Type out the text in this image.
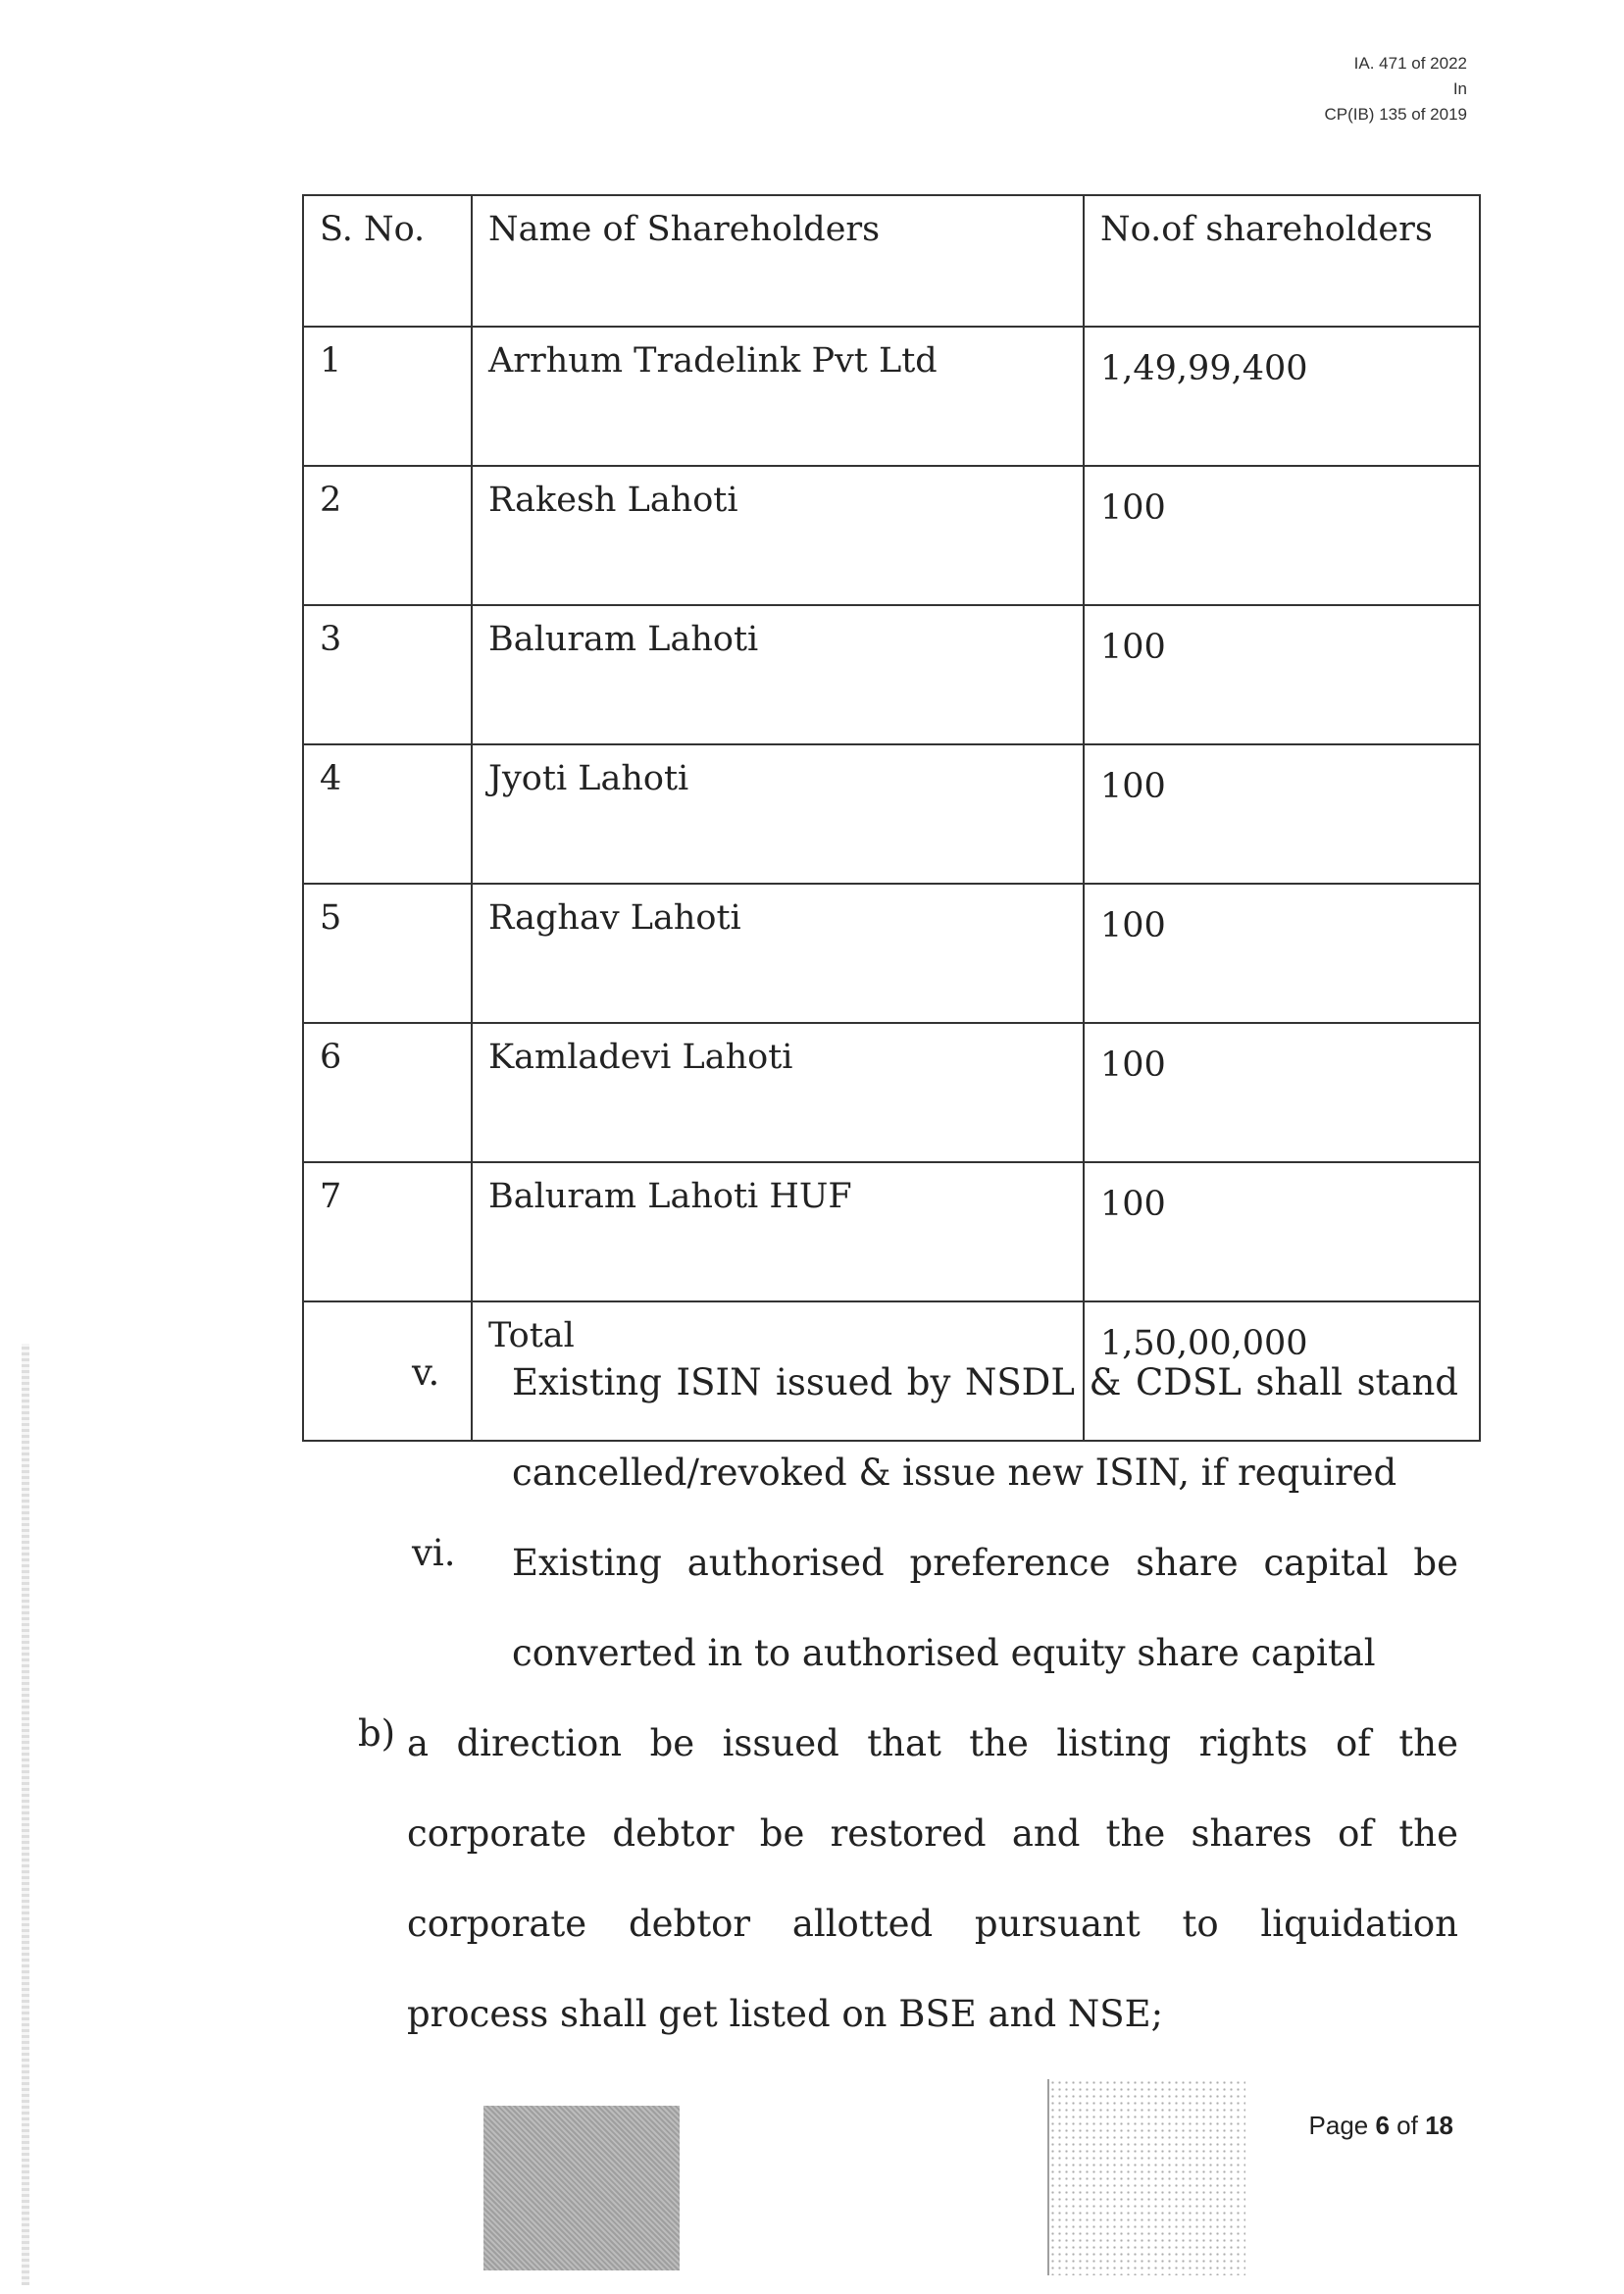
IA. 471 of 2022
In
CP(IB) 135 of 2019
S. No.	Name of Shareholders	No.of shareholders
1	Arrhum Tradelink Pvt Ltd	1,49,99,400
2	Rakesh Lahoti	100
3	Baluram Lahoti	100
4	Jyoti Lahoti	100
5	Raghav Lahoti	100
6	Kamladevi Lahoti	100
7	Baluram Lahoti HUF	100
	Total	1,50,00,000
v.	Existing ISIN issued by NSDL & CDSL shall stand cancelled/revoked & issue new ISIN, if required
vi.	Existing authorised preference share capital be converted in to authorised equity share capital
b) a direction be issued that the listing rights of the corporate debtor be restored and the shares of the corporate debtor allotted pursuant to liquidation process shall get listed on BSE and NSE;
Page 6 of 18
